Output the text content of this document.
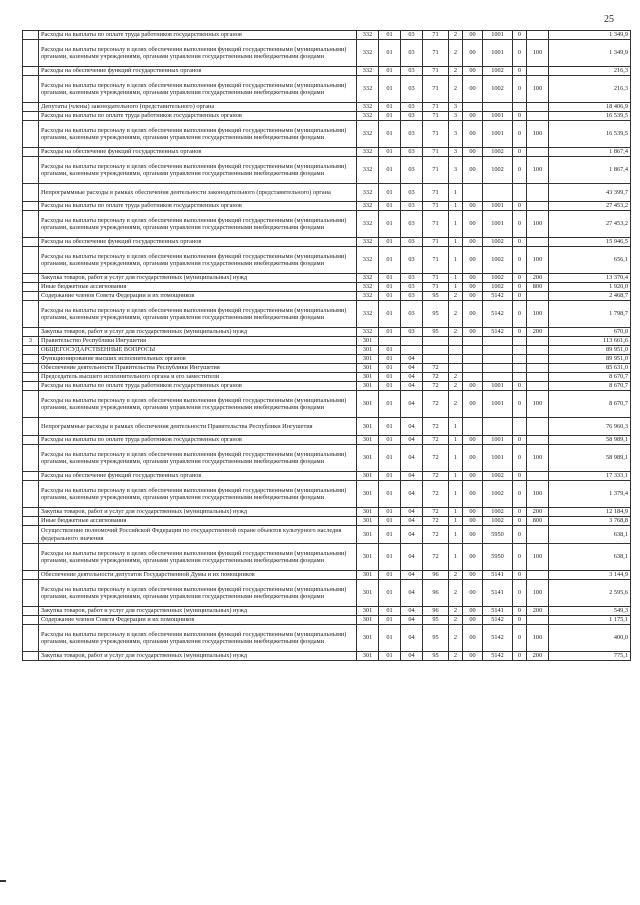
25
	Расходы на выплаты по оплате труда работников государственных органов	332	01	03	71	2	00	1001	0		1 349,9
	Расходы на выплаты персоналу в целях обеспечения выполнения функций государственными (муниципальными) органами, казенными учреждениями, органами управления государственными внебюджетными фондами	332	01	03	71	2	00	1001	0	100	1 349,9
	Расходы на обеспечение функций государственных органов	332	01	03	71	2	00	1002	0		216,3
	Расходы на выплаты персоналу в целях обеспечения выполнения функций государственными (муниципальными) органами, казенными учреждениями, органами управления государственными внебюджетными фондами	332	01	03	71	2	00	1002	0	100	216,3
	Депутаты (члены) законодательного (представительного) органа	332	01	03	71	3					18 406,9
	Расходы на выплаты по оплате труда работников государственных органов	332	01	03	71	3	00	1001	0		16 539,5
	Расходы на выплаты персоналу в целях обеспечения выполнения функций государственными (муниципальными) органами, казенными учреждениями, органами управления государственными внебюджетными фондами	332	01	03	71	3	00	1001	0	100	16 539,5
	Расходы на обеспечение функций государственных органов	332	01	03	71	3	00	1002	0		1 867,4
	Расходы на выплаты персоналу в целях обеспечения выполнения функций государственными (муниципальными) органами, казенными учреждениями, органами управления государственными внебюджетными фондами	332	01	03	71	3	00	1002	0	100	1 867,4
	Непрограммные расходы в рамках обеспечения деятельности законодательного (представительного) органа	332	01	03	71	1					43 399,7
	Расходы на выплаты по оплате труда работников государственных органов	332	01	03	71	1	00	1001	0		27 453,2
	Расходы на выплаты персоналу в целях обеспечения выполнения функций государственными (муниципальными) органами, казенными учреждениями, органами управления государственными внебюджетными фондами	332	01	03	71	1	00	1001	0	100	27 453,2
	Расходы на обеспечение функций государственных органов	332	01	03	71	1	00	1002	0		15 946,5
	Расходы на выплаты персоналу в целях обеспечения выполнения функций государственными (муниципальными) органами, казенными учреждениями, органами управления государственными внебюджетными фондами	332	01	03	71	1	00	1002	0	100	656,1
	Закупка товаров, работ и услуг для государственных (муниципальных) нужд	332	01	03	71	1	00	1002	0	200	13 370,4
	Иные бюджетные ассигнования	332	01	03	71	1	00	1002	0	800	1 920,0
	Содержание членов Совета Федерации и их помощников	332	01	03	95	2	00	5142	0		2 468,7
	Расходы на выплаты персоналу в целях обеспечения выполнения функций государственными (муниципальными) органами, казенными учреждениями, органами управления государственными внебюджетными фондами	332	01	03	95	2	00	5142	0	100	1 798,7
	Закупка товаров, работ и услуг для государственных (муниципальных) нужд	332	01	03	95	2	00	5142	0	200	670,0
3	Правительство Республики Ингушетия	301									113 661,6
	ОБЩЕГОСУДАРСТВЕННЫЕ ВОПРОСЫ	301	01								89 951,0
	Функционирование высших исполнительных органов	301	01	04							89 951,0
	Обеспечение деятельности Правительства Республики Ингушетия	301	01	04	72						85 631,0
	Председатель высшего исполнительного органа и его заместители	301	01	04	72	2					8 670,7
	Расходы на выплаты по оплате труда работников государственных органов	301	01	04	72	2	00	1001	0		8 670,7
	Расходы на выплаты персоналу в целях обеспечения выполнения функций государственными (муниципальными) органами, казенными учреждениями, органами управления государственными внебюджетными фондами	301	01	04	72	2	00	1001	0	100	8 670,7
	Непрограммные расходы в рамках обеспечения деятельности Правительства Республики Ингушетия	301	01	04	72	1					76 960,3
	Расходы на выплаты по оплате труда работников государственных органов	301	01	04	72	1	00	1001	0		58 989,1
	Расходы на выплаты персоналу в целях обеспечения выполнения функций государственными (муниципальными) органами, казенными учреждениями, органами управления государственными внебюджетными фондами	301	01	04	72	1	00	1001	0	100	58 989,1
	Расходы на обеспечение функций государственных органов	301	01	04	72	1	00	1002	0		17 333,1
	Расходы на выплаты персоналу в целях обеспечения выполнения функций государственными (муниципальными) органами, казенными учреждениями, органами управления государственными внебюджетными фондами	301	01	04	72	1	00	1002	0	100	1 379,4
	Закупка товаров, работ и услуг для государственных (муниципальных) нужд	301	01	04	72	1	00	1002	0	200	12 184,9
	Иные бюджетные ассигнования	301	01	04	72	1	00	1002	0	800	3 768,8
	Осуществление полномочий Российской Федерации по государственной охране объектов культурного наследия федерального значения	301	01	04	72	1	00	5950	0		638,1
	Расходы на выплаты персоналу в целях обеспечения выполнения функций государственными (муниципальными) органами, казенными учреждениями, органами управления государственными внебюджетными фондами	301	01	04	72	1	00	5950	0	100	638,1
	Обеспечение деятельности депутатов Государственной Думы и их помощников	301	01	04	96	2	00	5141	0		3 144,9
	Расходы на выплаты персоналу в целях обеспечения выполнения функций государственными (муниципальными) органами, казенными учреждениями, органами управления государственными внебюджетными фондами	301	01	04	96	2	00	5141	0	100	2 595,6
	Закупка товаров, работ и услуг для государственных (муниципальных) нужд	301	01	04	96	2	00	5141	0	200	549,3
	Содержание членов Совета Федерации и их помощников	301	01	04	95	2	00	5142	0		1 175,1
	Расходы на выплаты персоналу в целях обеспечения выполнения функций государственными (муниципальными) органами, казенными учреждениями, органами управления государственными внебюджетными фондами	301	01	04	95	2	00	5142	0	100	400,0
	Закупка товаров, работ и услуг для государственных (муниципальных) нужд	301	01	04	95	2	00	5142	0	200	775,1
